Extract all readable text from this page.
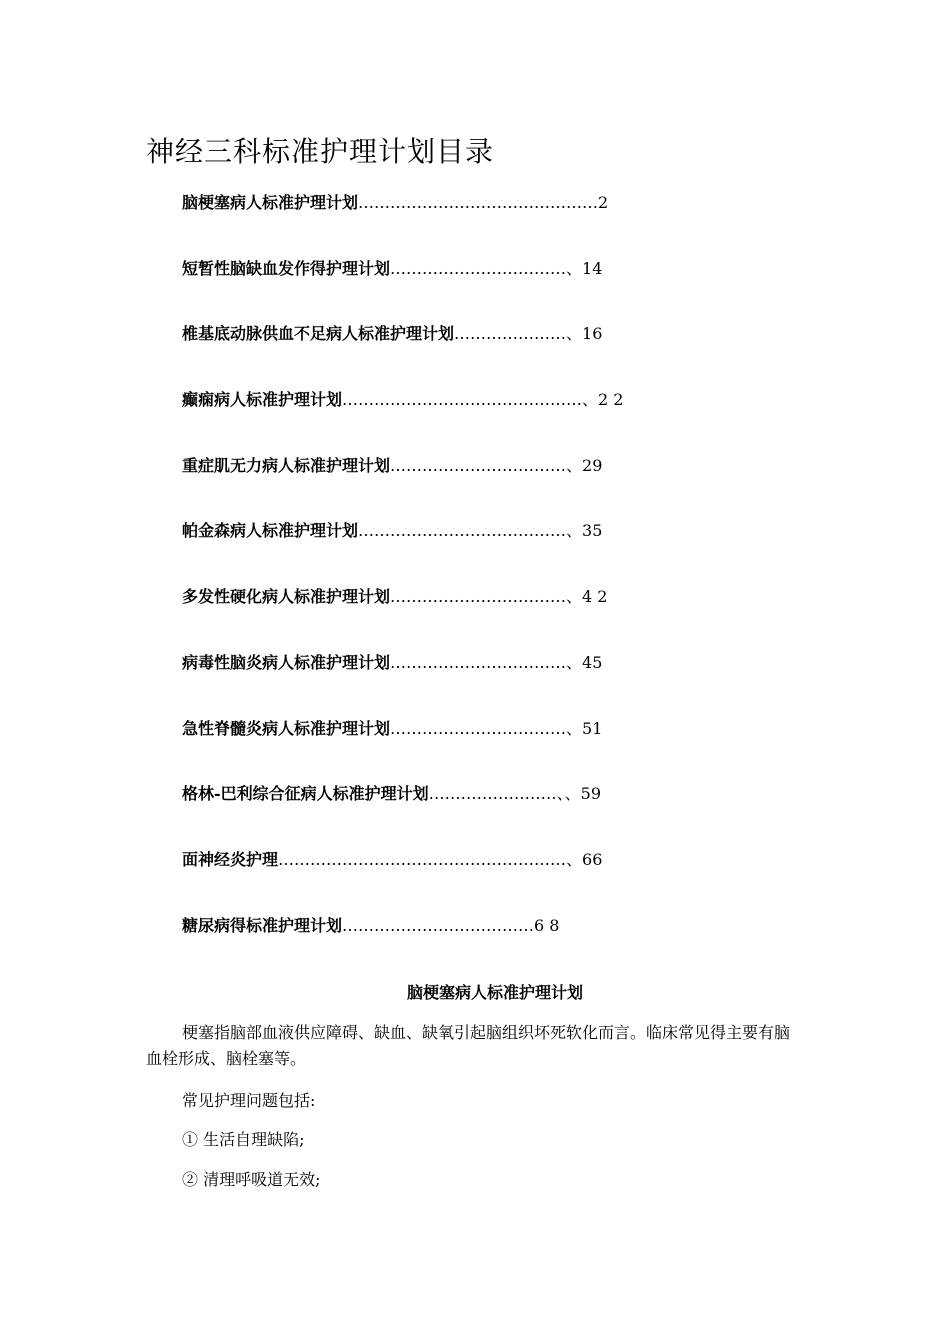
神经三科标准护理计划目录
脑梗塞病人标准护理计划………………………………………2
短暂性脑缺血发作得护理计划……………………………、14
椎基底动脉供血不足病人标准护理计划…………………、16
癫痫病人标准护理计划………………………………………、2 2
重症肌无力病人标准护理计划……………………………、29
帕金森病人标准护理计划…………………………………、35
多发性硬化病人标准护理计划……………………………、4 2
病毒性脑炎病人标准护理计划……………………………、45
急性脊髓炎病人标准护理计划……………………………、51
格林-巴利综合征病人标准护理计划……………………、、59
面神经炎护理………………………………………………、66
糖尿病得标准护理计划………………………………6 8
脑梗塞病人标准护理计划

梗塞指脑部血液供应障碍、缺血、缺氧引起脑组织坏死软化而言。临床常见得主要有脑血栓形成、脑栓塞等。

常见护理问题包括:
① 生活自理缺陷;
② 清理呼吸道无效;
